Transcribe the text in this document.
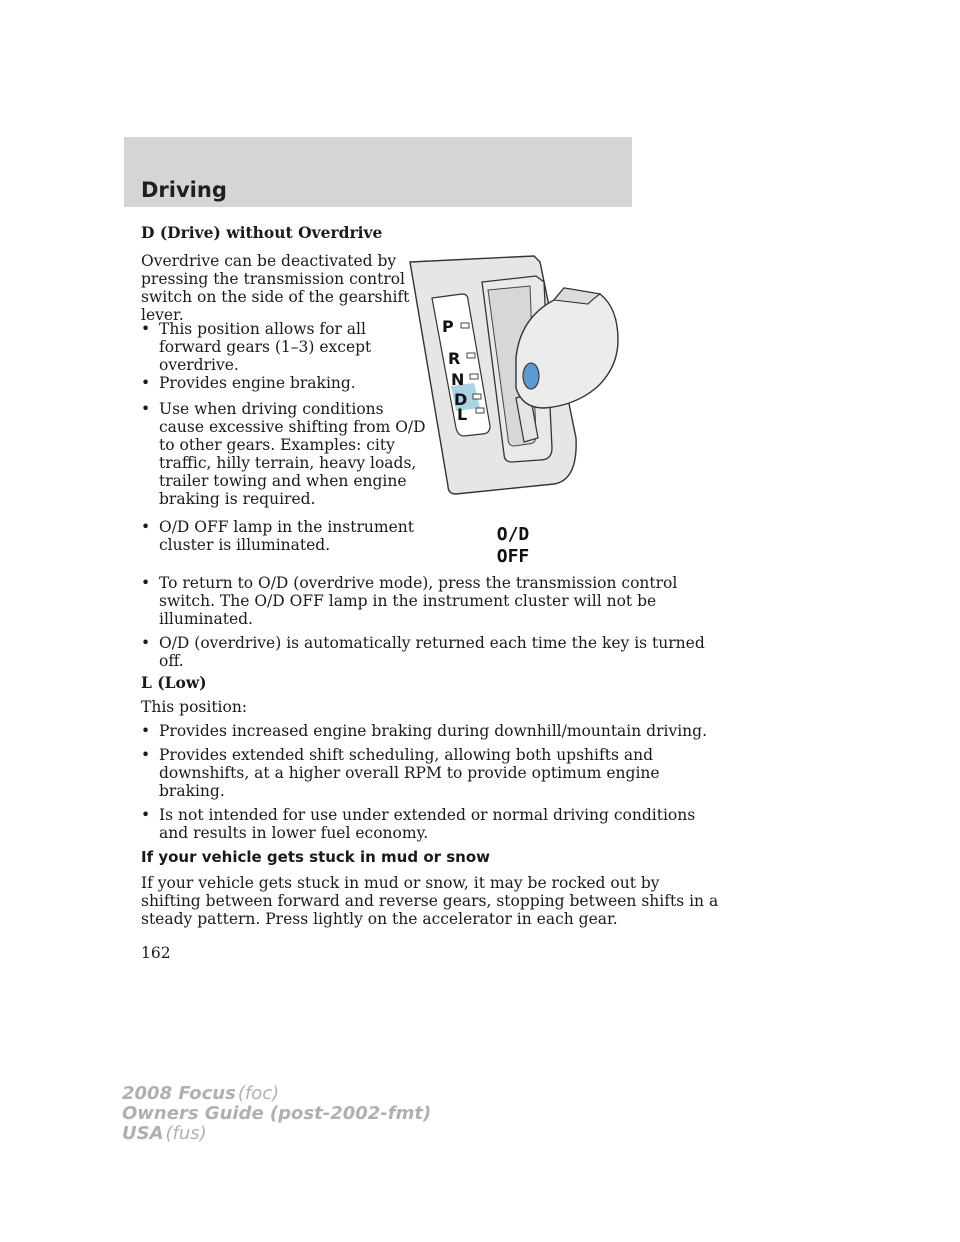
Driving
D (Drive) without Overdrive
Overdrive can be deactivated by
pressing the transmission control
switch on the side of the gearshift
lever.
• This position allows for all
forward gears (1–3) except
overdrive.
• Provides engine braking.
• Use when driving conditions
cause excessive shifting from O/D
to other gears. Examples: city
traffic, hilly terrain, heavy loads,
trailer towing and when engine
braking is required.
• O/D OFF lamp in the instrument
cluster is illuminated.
• To return to O/D (overdrive mode), press the transmission control
switch. The O/D OFF lamp in the instrument cluster will not be
illuminated.
• O/D (overdrive) is automatically returned each time the key is turned
off.
P
R
N
D
L
O/D
OFF
L (Low)
This position:
• Provides increased engine braking during downhill/mountain driving.
• Provides extended shift scheduling, allowing both upshifts and
downshifts, at a higher overall RPM to provide optimum engine
braking.
• Is not intended for use under extended or normal driving conditions
and results in lower fuel economy.
If your vehicle gets stuck in mud or snow
If your vehicle gets stuck in mud or snow, it may be rocked out by
shifting between forward and reverse gears, stopping between shifts in a
steady pattern. Press lightly on the accelerator in each gear.
162
2008 Focus (foc)
Owners Guide (post-2002-fmt)
USA (fus)
